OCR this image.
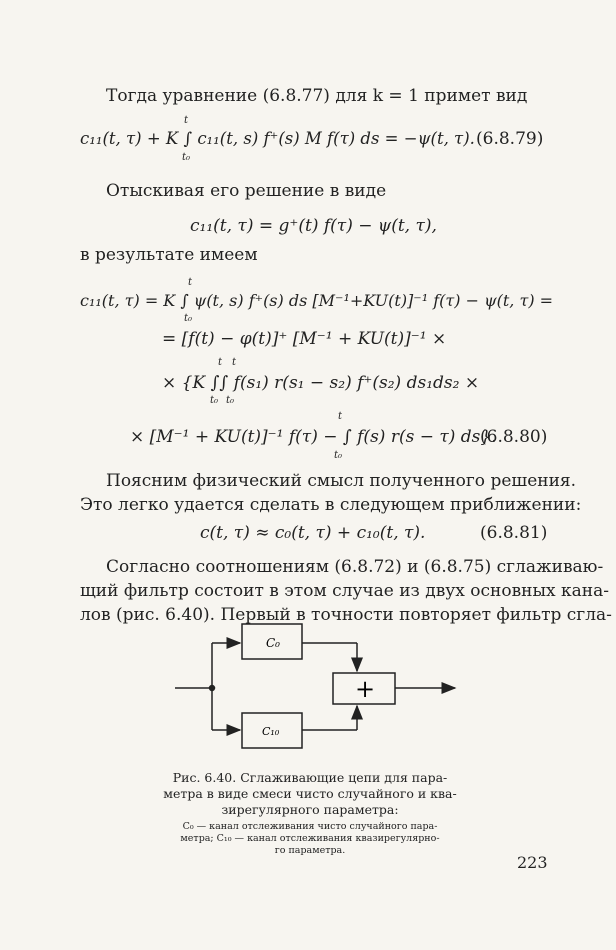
Тогда уравнение (6.8.77) для k = 1 примет вид
t
c₁₁(t, τ) + K ∫ c₁₁(t, s) f⁺(s) M f(τ) ds = −ψ(t, τ). (6.8.79)
t₀
Отыскивая его решение в виде
c₁₁(t, τ) = g⁺(t) f(τ) − ψ(t, τ),
в результате имеем
t
c₁₁(t, τ) = K ∫ ψ(t, s) f⁺(s) ds [M⁻¹+KU(t)]⁻¹ f(τ) − ψ(t, τ) =
t₀
= [f(t) − φ(t)]⁺ [M⁻¹ + KU(t)]⁻¹ ×
t t
× {K ∫∫ f(s₁) r(s₁ − s₂) f⁺(s₂) ds₁ds₂ ×
t₀ t₀
t
× [M⁻¹ + KU(t)]⁻¹ f(τ) − ∫ f(s) r(s − τ) ds}.
(6.8.80)
t₀
Поясним физический смысл полученного решения.
Это легко удается сделать в следующем приближении:
c(t, τ) ≈ c₀(t, τ) + c₁₀(t, τ).	(6.8.81)
Согласно соотношениям (6.8.72) и (6.8.75) сглаживаю-
щий фильтр состоит в этом случае из двух основных кана-
лов (рис. 6.40). Первый в точности повторяет фильтр сгла-
C₀
C₁₀
+
Рис. 6.40. Сглаживающие цепи для пара-
метра в виде смеси чисто случайного и ква-
зирегулярного параметра:
C₀ — канал отслеживания чисто случайного пара-
метра; C₁₀ — канал отслеживания квазирегулярно-
го параметра.
223
